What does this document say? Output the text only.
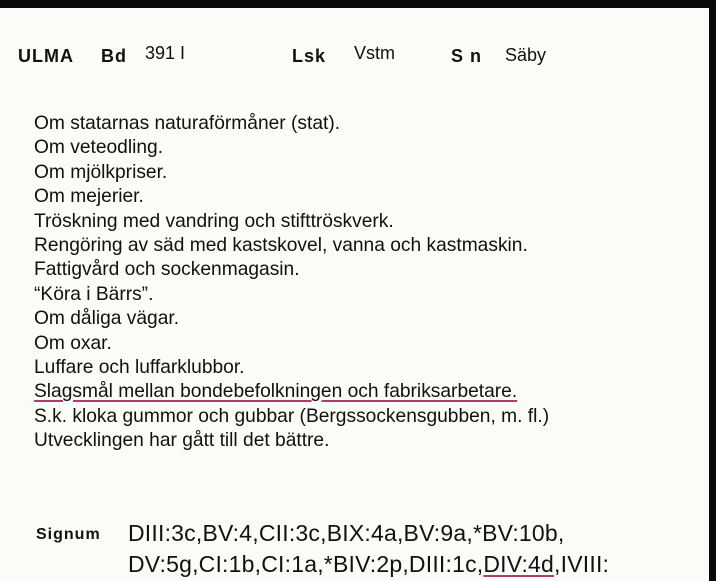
ULMA Bd 391 I	Lsk Vstm	S n Säby
Om statarnas naturaförmåner (stat).
Om veteodling.
Om mjölkpriser.
Om mejerier.
Tröskning med vandring och stifttröskverk.
Rengöring av säd med kastskovel, vanna och kastmaskin.
Fattigvård och sockenmagasin.
“Köra i Bärrs”.
Om dåliga vägar.
Om oxar.
Luffare och luffarklubbor.
Slagsmål mellan bondebefolkningen och fabriksarbetare.
S.k. kloka gummor och gubbar (Bergssockensgubben, m. fl.)
Utvecklingen har gått till det bättre.
Signum DIII:3c,BV:4,CII:3c,BIX:4a,BV:9a,*BV:10b,
DV:5g,CI:1b,CI:1a,*BIV:2p,DIII:1c,DIV:4d,IVIII:
